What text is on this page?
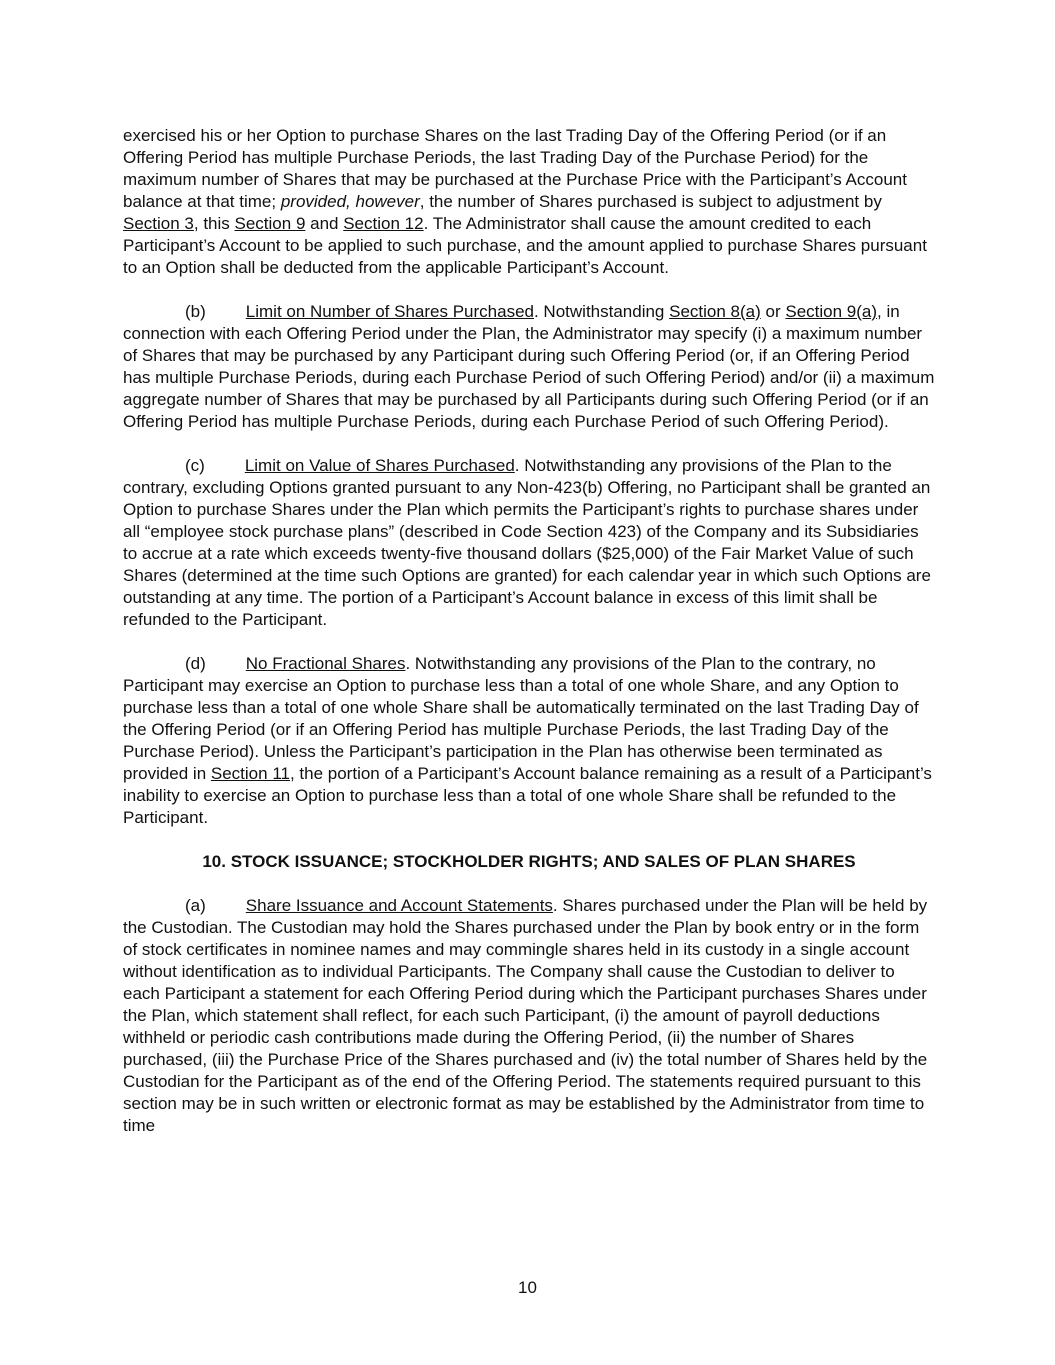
exercised his or her Option to purchase Shares on the last Trading Day of the Offering Period (or if an Offering Period has multiple Purchase Periods, the last Trading Day of the Purchase Period) for the maximum number of Shares that may be purchased at the Purchase Price with the Participant’s Account balance at that time; provided, however, the number of Shares purchased is subject to adjustment by Section 3, this Section 9 and Section 12. The Administrator shall cause the amount credited to each Participant’s Account to be applied to such purchase, and the amount applied to purchase Shares pursuant to an Option shall be deducted from the applicable Participant’s Account.

(b) Limit on Number of Shares Purchased. Notwithstanding Section 8(a) or Section 9(a), in connection with each Offering Period under the Plan, the Administrator may specify (i) a maximum number of Shares that may be purchased by any Participant during such Offering Period (or, if an Offering Period has multiple Purchase Periods, during each Purchase Period of such Offering Period) and/or (ii) a maximum aggregate number of Shares that may be purchased by all Participants during such Offering Period (or if an Offering Period has multiple Purchase Periods, during each Purchase Period of such Offering Period).

(c) Limit on Value of Shares Purchased. Notwithstanding any provisions of the Plan to the contrary, excluding Options granted pursuant to any Non-423(b) Offering, no Participant shall be granted an Option to purchase Shares under the Plan which permits the Participant’s rights to purchase shares under all “employee stock purchase plans” (described in Code Section 423) of the Company and its Subsidiaries to accrue at a rate which exceeds twenty-five thousand dollars ($25,000) of the Fair Market Value of such Shares (determined at the time such Options are granted) for each calendar year in which such Options are outstanding at any time. The portion of a Participant’s Account balance in excess of this limit shall be refunded to the Participant.

(d) No Fractional Shares. Notwithstanding any provisions of the Plan to the contrary, no Participant may exercise an Option to purchase less than a total of one whole Share, and any Option to purchase less than a total of one whole Share shall be automatically terminated on the last Trading Day of the Offering Period (or if an Offering Period has multiple Purchase Periods, the last Trading Day of the Purchase Period). Unless the Participant’s participation in the Plan has otherwise been terminated as provided in Section 11, the portion of a Participant’s Account balance remaining as a result of a Participant’s inability to exercise an Option to purchase less than a total of one whole Share shall be refunded to the Participant.

10. STOCK ISSUANCE; STOCKHOLDER RIGHTS; AND SALES OF PLAN SHARES

(a) Share Issuance and Account Statements. Shares purchased under the Plan will be held by the Custodian. The Custodian may hold the Shares purchased under the Plan by book entry or in the form of stock certificates in nominee names and may commingle shares held in its custody in a single account without identification as to individual Participants. The Company shall cause the Custodian to deliver to each Participant a statement for each Offering Period during which the Participant purchases Shares under the Plan, which statement shall reflect, for each such Participant, (i) the amount of payroll deductions withheld or periodic cash contributions made during the Offering Period, (ii) the number of Shares purchased, (iii) the Purchase Price of the Shares purchased and (iv) the total number of Shares held by the Custodian for the Participant as of the end of the Offering Period. The statements required pursuant to this section may be in such written or electronic format as may be established by the Administrator from time to time

10
